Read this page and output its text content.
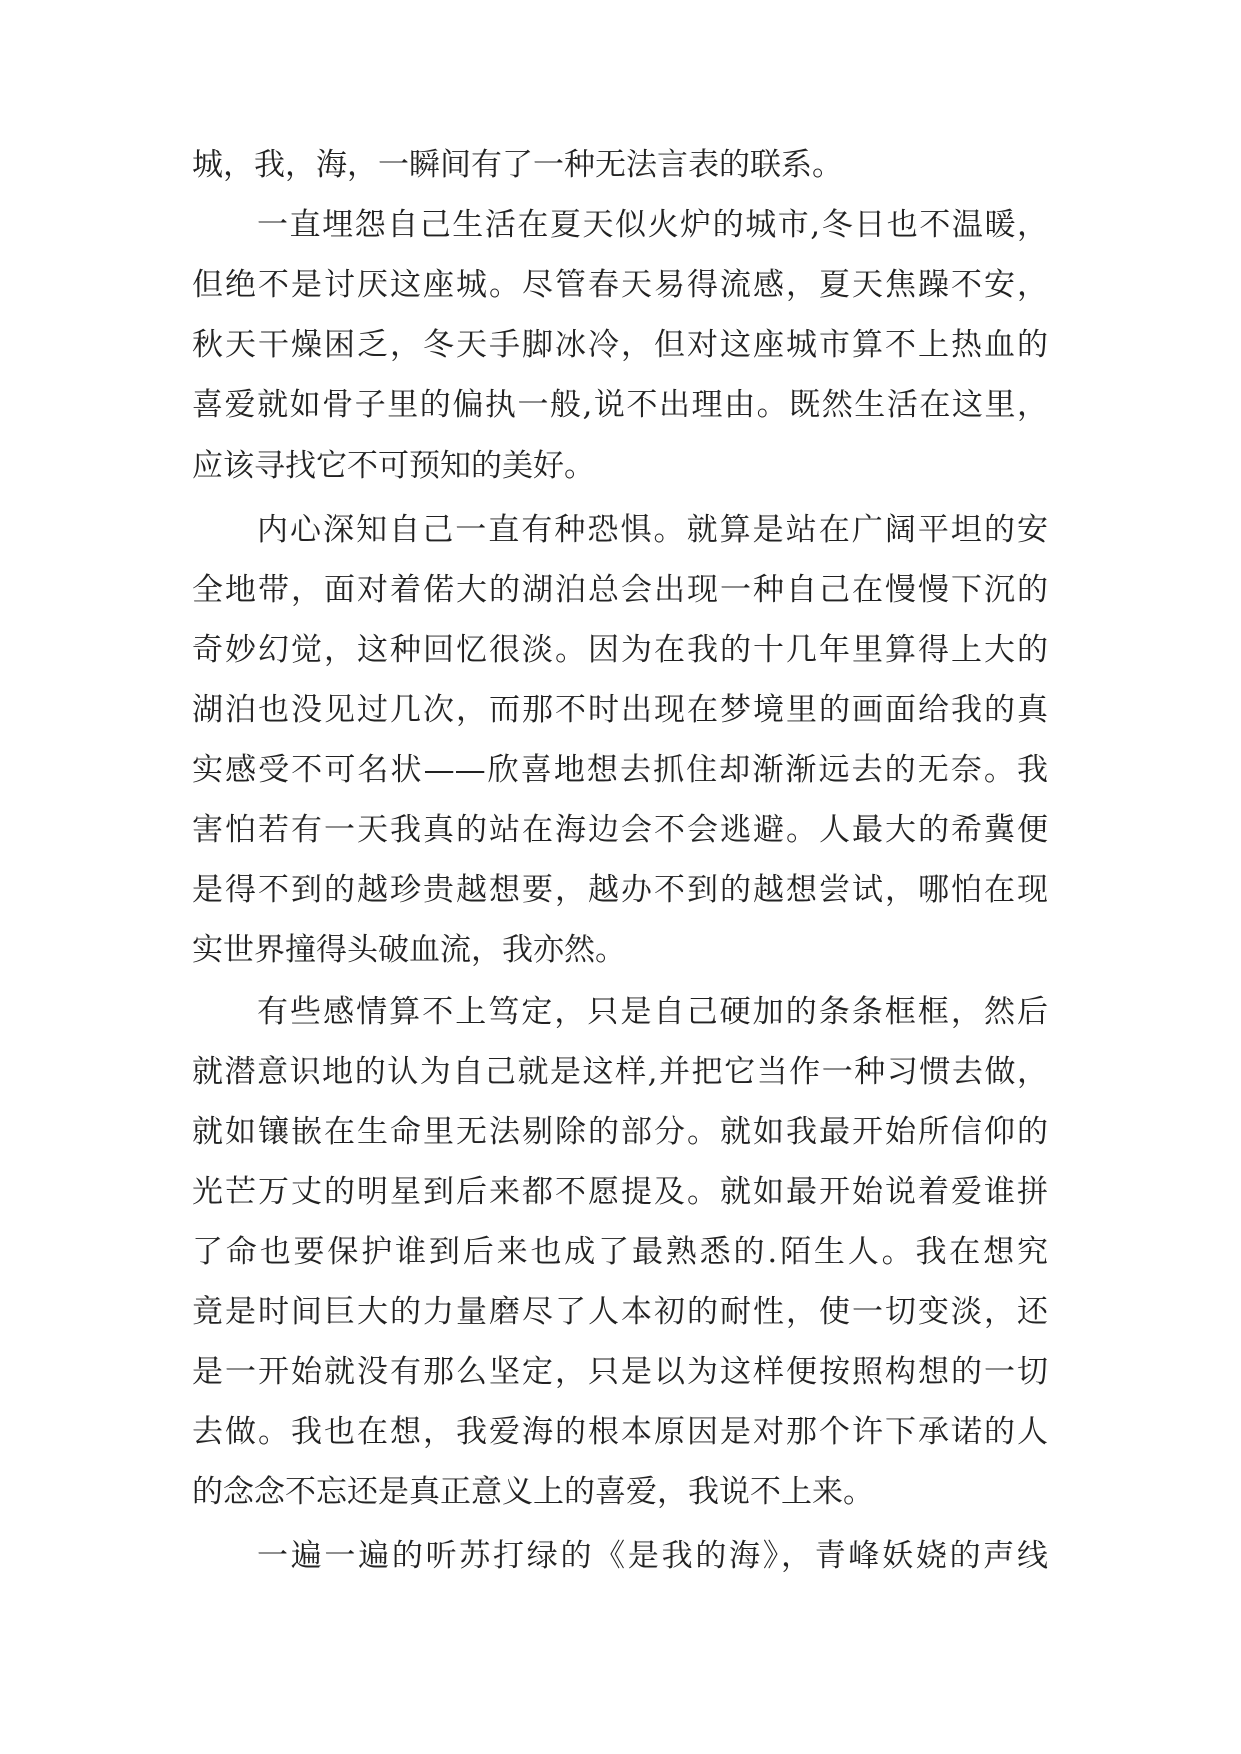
城，我，海，一瞬间有了一种无法言表的联系。
一直埋怨自己生活在夏天似火炉的城市,冬日也不温暖，
但绝不是讨厌这座城。尽管春天易得流感，夏天焦躁不安，
秋天干燥困乏，冬天手脚冰冷，但对这座城市算不上热血的
喜爱就如骨子里的偏执一般,说不出理由。既然生活在这里，
应该寻找它不可预知的美好。
内心深知自己一直有种恐惧。就算是站在广阔平坦的安
全地带，面对着偌大的湖泊总会出现一种自己在慢慢下沉的
奇妙幻觉，这种回忆很淡。因为在我的十几年里算得上大的
湖泊也没见过几次，而那不时出现在梦境里的画面给我的真
实感受不可名状——欣喜地想去抓住却渐渐远去的无奈。我
害怕若有一天我真的站在海边会不会逃避。人最大的希冀便
是得不到的越珍贵越想要，越办不到的越想尝试，哪怕在现
实世界撞得头破血流，我亦然。
有些感情算不上笃定，只是自己硬加的条条框框，然后
就潜意识地的认为自己就是这样,并把它当作一种习惯去做，
就如镶嵌在生命里无法剔除的部分。就如我最开始所信仰的
光芒万丈的明星到后来都不愿提及。就如最开始说着爱谁拼
了命也要保护谁到后来也成了最熟悉的.陌生人。我在想究
竟是时间巨大的力量磨尽了人本初的耐性，使一切变淡，还
是一开始就没有那么坚定，只是以为这样便按照构想的一切
去做。我也在想，我爱海的根本原因是对那个许下承诺的人
的念念不忘还是真正意义上的喜爱，我说不上来。
一遍一遍的听苏打绿的《是我的海》，青峰妖娆的声线
